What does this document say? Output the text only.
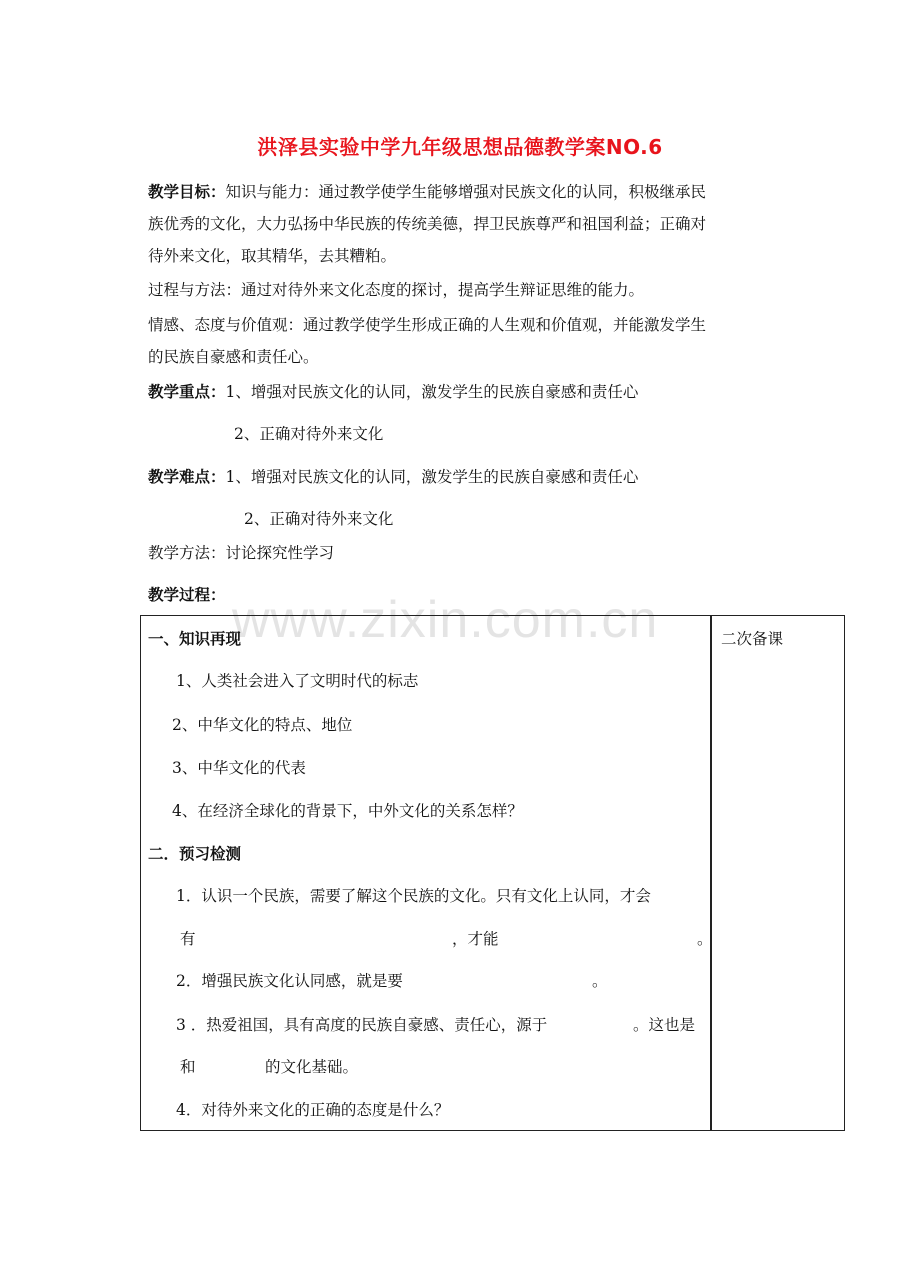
洪泽县实验中学九年级思想品德教学案NO.6
教学目标：知识与能力：通过教学使学生能够增强对民族文化的认同，积极继承民
族优秀的文化，大力弘扬中华民族的传统美德，捍卫民族尊严和祖国利益；正确对
待外来文化，取其精华，去其糟粕。
过程与方法：通过对待外来文化态度的探讨，提高学生辩证思维的能力。
情感、态度与价值观：通过教学使学生形成正确的人生观和价值观，并能激发学生
的民族自豪感和责任心。
教学重点：1、增强对民族文化的认同，激发学生的民族自豪感和责任心
2、正确对待外来文化
教学难点：1、增强对民族文化的认同，激发学生的民族自豪感和责任心
2、正确对待外来文化
教学方法：讨论探究性学习
教学过程： www.zixin.com.cn	二次备课
一、知识再现
1、人类社会进入了文明时代的标志
2、中华文化的特点、地位
3、中华文化的代表
4、在经济全球化的背景下，中外文化的关系怎样？
二．预习检测
1．认识一个民族，需要了解这个民族的文化。只有文化上认同，才会
有	，才能	。
2．增强民族文化认同感，就是要	。
3 ．热爱祖国，具有高度的民族自豪感、责任心，源于	。这也是
和	的文化基础。
4．对待外来文化的正确的态度是什么？
